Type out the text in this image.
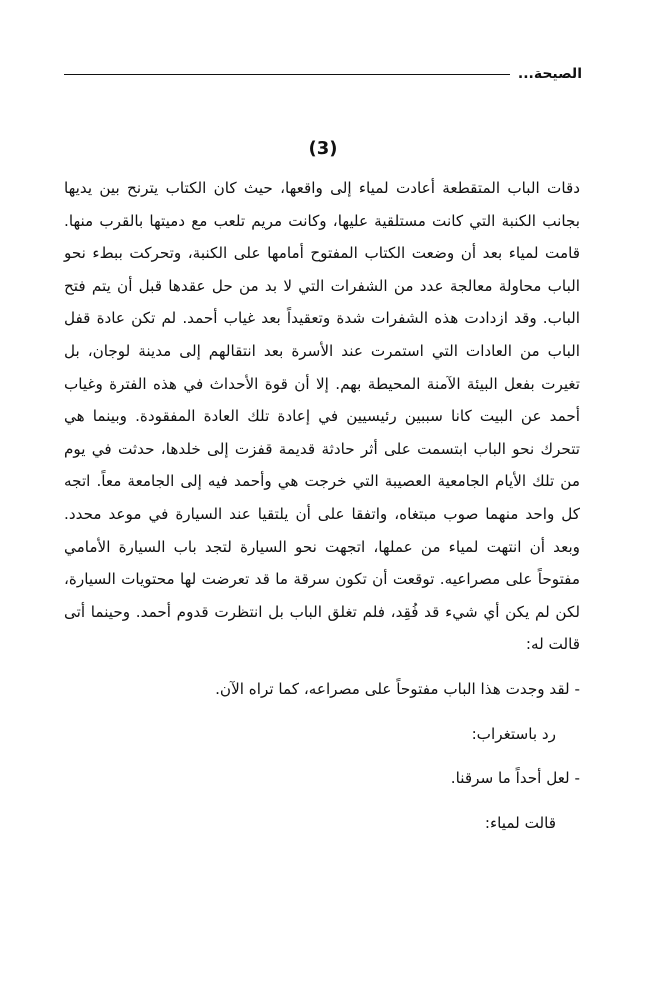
الصيحة...
(3)

دقات الباب المتقطعة أعادت لمياء إلى واقعها، حيث كان الكتاب يترنح بين يديها بجانب الكنبة التي كانت مستلقية عليها، وكانت مريم تلعب مع دميتها بالقرب منها. قامت لمياء بعد أن وضعت الكتاب المفتوح أمامها على الكنبة، وتحركت ببطء نحو الباب محاولة معالجة عدد من الشفرات التي لا بد من حل عقدها قبل أن يتم فتح الباب. وقد ازدادت هذه الشفرات شدة وتعقيداً بعد غياب أحمد. لم تكن عادة قفل الباب من العادات التي استمرت عند الأسرة بعد انتقالهم إلى مدينة لوجان، بل تغيرت بفعل البيئة الآمنة المحيطة بهم. إلا أن قوة الأحداث في هذه الفترة وغياب أحمد عن البيت كانا سببين رئيسيين في إعادة تلك العادة المفقودة. وبينما هي تتحرك نحو الباب ابتسمت على أثر حادثة قديمة قفزت إلى خلدها، حدثت في يوم من تلك الأيام الجامعية العصيبة التي خرجت هي وأحمد فيه إلى الجامعة معاً. اتجه كل واحد منهما صوب مبتغاه، واتفقا على أن يلتقيا عند السيارة في موعد محدد. وبعد أن انتهت لمياء من عملها، اتجهت نحو السيارة لتجد باب السيارة الأمامي مفتوحاً على مصراعيه. توقعت أن تكون سرقة ما قد تعرضت لها محتويات السيارة، لكن لم يكن أي شيء قد فُقِد، فلم تغلق الباب بل انتظرت قدوم أحمد. وحينما أتى قالت له:

- لقد وجدت هذا الباب مفتوحاً على مصراعه، كما تراه الآن.

رد باستغراب:

- لعل أحداً ما سرقنا.

قالت لمياء:
